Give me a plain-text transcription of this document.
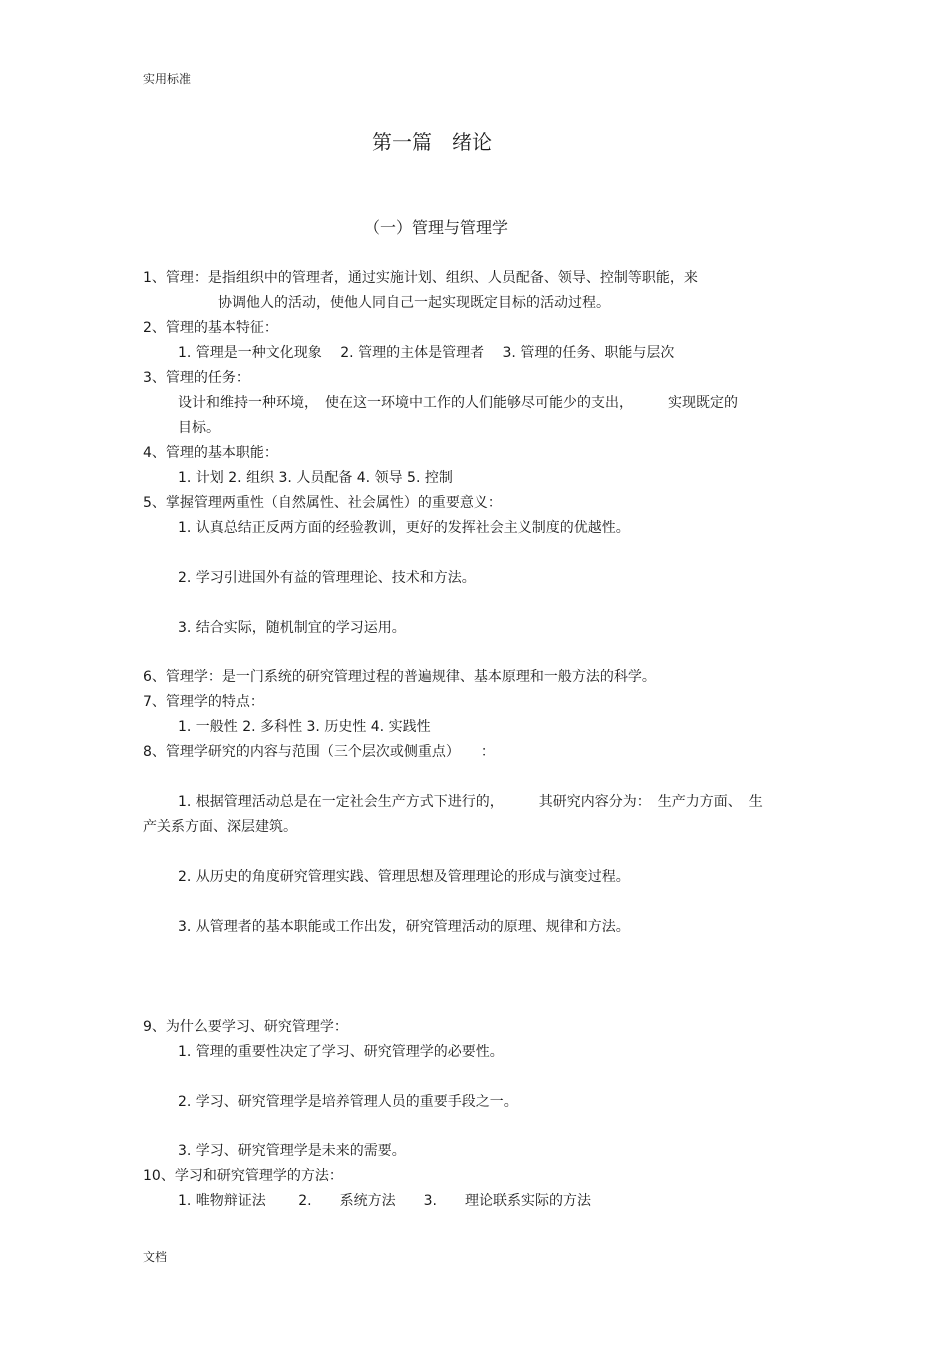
实用标准
第一篇　绪论
（一）管理与管理学
1、管理：是指组织中的管理者，通过实施计划、组织、人员配备、领导、控制等职能，来
协调他人的活动，使他人同自己一起实现既定目标的活动过程。
2、管理的基本特征：
1. 管理是一种文化现象　 2. 管理的主体是管理者　 3. 管理的任务、职能与层次
3、管理的任务：
设计和维持一种环境，　使在这一环境中工作的人们能够尽可能少的支出，　　　实现既定的
目标。
4、管理的基本职能：
1. 计划 2. 组织 3. 人员配备 4. 领导 5. 控制
5、掌握管理两重性（自然属性、社会属性）的重要意义：
1. 认真总结正反两方面的经验教训，更好的发挥社会主义制度的优越性。
2. 学习引进国外有益的管理理论、技术和方法。
3. 结合实际，随机制宜的学习运用。
6、管理学：是一门系统的研究管理过程的普遍规律、基本原理和一般方法的科学。
7、管理学的特点：
1. 一般性 2. 多科性 3. 历史性 4. 实践性
8、管理学研究的内容与范围（三个层次或侧重点）　　：
1. 根据管理活动总是在一定社会生产方式下进行的，　　　其研究内容分为：　生产力方面、　生
产关系方面、深层建筑。
2. 从历史的角度研究管理实践、管理思想及管理理论的形成与演变过程。
3. 从管理者的基本职能或工作出发，研究管理活动的原理、规律和方法。
9、为什么要学习、研究管理学：
1. 管理的重要性决定了学习、研究管理学的必要性。
2. 学习、研究管理学是培养管理人员的重要手段之一。
3. 学习、研究管理学是未来的需要。
10、学习和研究管理学的方法：
1. 唯物辩证法　　 2.　　系统方法　　3.　　理论联系实际的方法
文档
